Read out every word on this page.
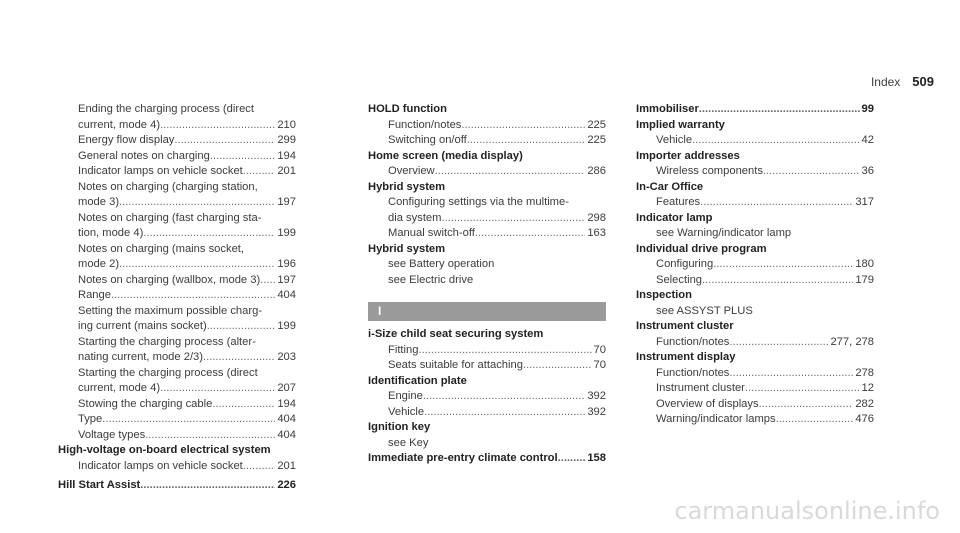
Index 509
Ending the charging process (direct
current, mode 4) .....	210
Energy flow display .....	299
General notes on charging .....	194
Indicator lamps on vehicle socket .....	201
Notes on charging (charging station,
mode 3) .....	197
Notes on charging (fast charging sta‐
tion, mode 4) .....	199
Notes on charging (mains socket,
mode 2) .....	196
Notes on charging (wallbox, mode 3) ..... 197
Range .....	404
Setting the maximum possible charg‐
ing current (mains socket) .....	199
Starting the charging process (alter‐
nating current, mode 2/3) .....	203
Starting the charging process (direct
current, mode 4) .....	207
Stowing the charging cable .....	194
Type .....	404
Voltage types .....	404
High-voltage on-board electrical system
Indicator lamps on vehicle socket .....	201
Hill Start Assist .....	226
HOLD function
Function/notes .....	225
Switching on/off .....	225
Home screen (media display)
Overview .....	286
Hybrid system
Configuring settings via the multime‐
dia system .....	298
Manual switch-off .....	163
Hybrid system
see Battery operation
see Electric drive
I
i-Size child seat securing system
Fitting .....	70
Seats suitable for attaching .....	70
Identification plate
Engine .....	392
Vehicle .....	392
Ignition key
see Key
Immediate pre-entry climate control .....	158
Immobiliser .....	99
Implied warranty
Vehicle .....	42
Importer addresses
Wireless components .....	36
In-Car Office
Features .....	317
Indicator lamp
see Warning/indicator lamp
Individual drive program
Configuring .....	180
Selecting .....	179
Inspection
see ASSYST PLUS
Instrument cluster
Function/notes .....	277, 278
Instrument display
Function/notes .....	278
Instrument cluster .....	12
Overview of displays .....	282
Warning/indicator lamps .....	476
carmanualsonline.info
